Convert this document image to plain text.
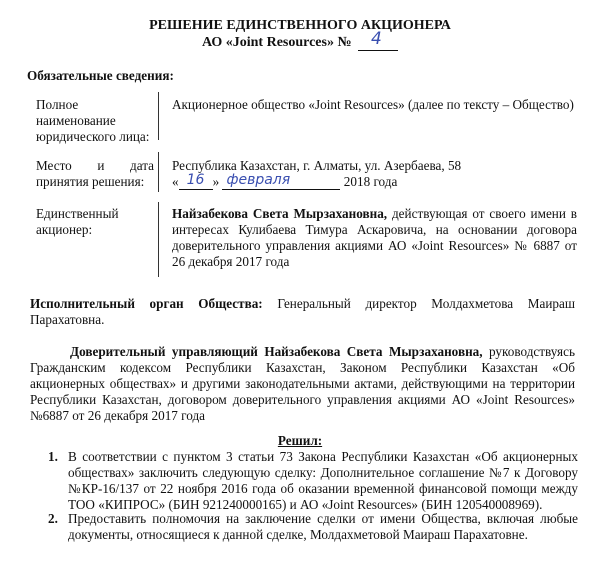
РЕШЕНИЕ ЕДИНСТВЕННОГО АКЦИОНЕРА
АО «Joint Resources» № 4
Обязательные сведения:
Полное наименование юридического лица:
Акционерное общество «Joint Resources» (далее по тексту – Общество)
Место и дата
принятия решения:
Республика Казахстан, г. Алматы, ул. Азербаева, 58
« 16 » февраля	2018 года
Единственный акционер:
Найзабекова Света Мырзахановна, действующая от своего имени в интересах Кулибаева Тимура Аскаровича, на основании договора доверительного управления акциями АО «Joint Resources» № 6887 от 26 декабря 2017 года
Исполнительный орган Общества: Генеральный директор Молдахметова Маираш Парахатовна.
Доверительный управляющий Найзабекова Света Мырзахановна, руководствуясь Гражданским кодексом Республики Казахстан, Законом Республики Казахстан «Об акционерных обществах» и другими законодательными актами, действующими на территории Республики Казахстан, договором доверительного управления акциями АО «Joint Resources» №6887 от 26 декабря 2017 года
Решил:
1. В соответствии с пунктом 3 статьи 73 Закона Республики Казахстан «Об акционерных обществах» заключить следующую сделку: Дополнительное соглашение №7 к Договору №КР-16/137 от 22 ноября 2016 года об оказании временной финансовой помощи между ТОО «КИПРОС» (БИН 921240000165) и АО «Joint Resources» (БИН 120540008969).
2. Предоставить полномочия на заключение сделки от имени Общества, включая любые документы, относящиеся к данной сделке, Молдахметовой Маираш Парахатовне.
